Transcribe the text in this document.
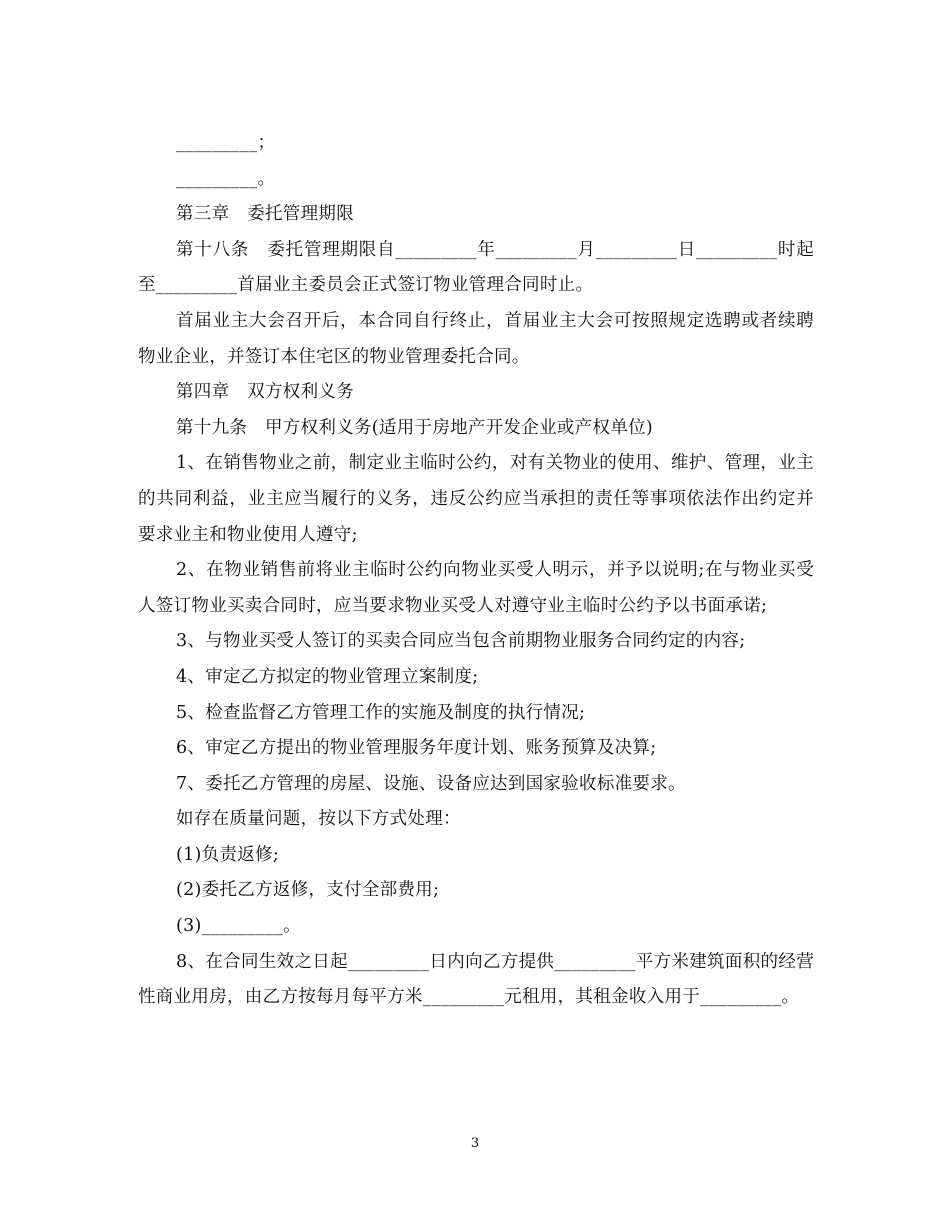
_________；

_________。

第三章　委托管理期限

第十八条　委托管理期限自_________年_________月_________日_________时起至_________首届业主委员会正式签订物业管理合同时止。

首届业主大会召开后，本合同自行终止，首届业主大会可按照规定选聘或者续聘物业企业，并签订本住宅区的物业管理委托合同。

第四章　双方权利义务

第十九条　甲方权利义务(适用于房地产开发企业或产权单位)

1、在销售物业之前，制定业主临时公约，对有关物业的使用、维护、管理，业主的共同利益，业主应当履行的义务，违反公约应当承担的责任等事项依法作出约定并要求业主和物业使用人遵守;

2、在物业销售前将业主临时公约向物业买受人明示，并予以说明;在与物业买受人签订物业买卖合同时，应当要求物业买受人对遵守业主临时公约予以书面承诺;

3、与物业买受人签订的买卖合同应当包含前期物业服务合同约定的内容;

4、审定乙方拟定的物业管理立案制度;

5、检查监督乙方管理工作的实施及制度的执行情况;

6、审定乙方提出的物业管理服务年度计划、账务预算及决算;

7、委托乙方管理的房屋、设施、设备应达到国家验收标准要求。

如存在质量问题，按以下方式处理：

(1)负责返修;

(2)委托乙方返修，支付全部费用;

(3)_________。

8、在合同生效之日起_________日内向乙方提供_________平方米建筑面积的经营性商业用房，由乙方按每月每平方米_________元租用，其租金收入用于_________。

3
